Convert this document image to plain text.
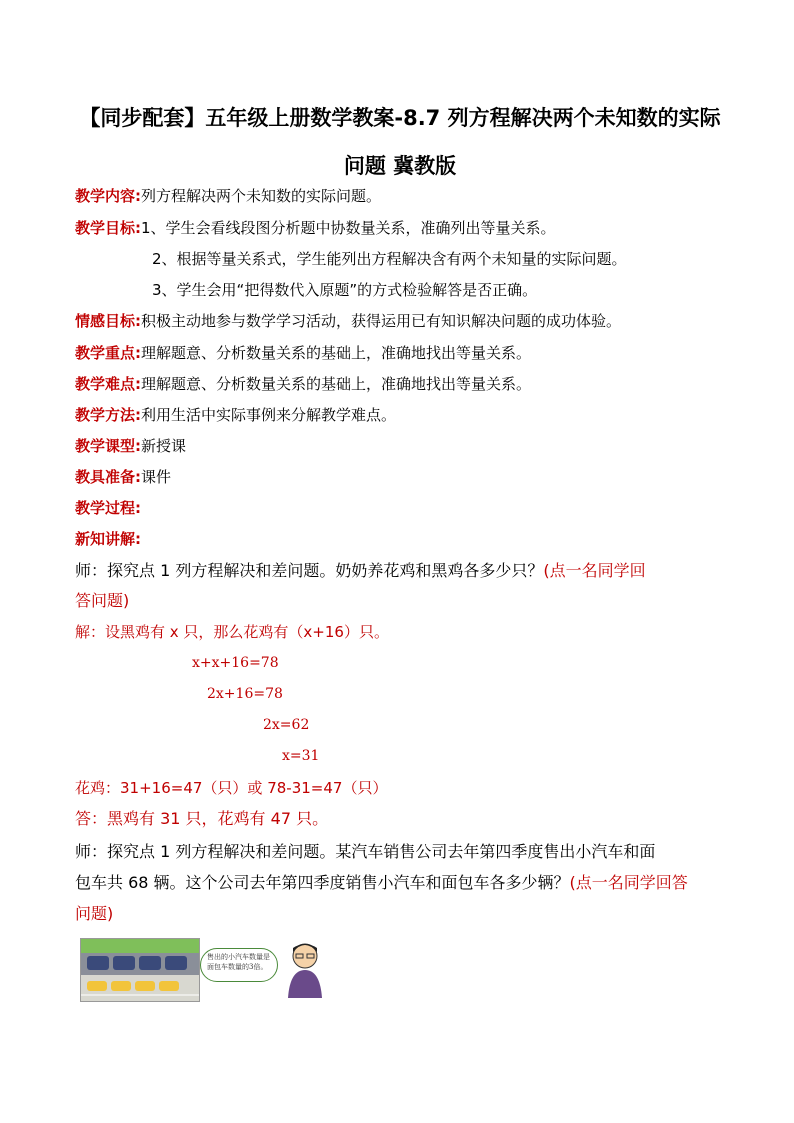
【同步配套】五年级上册数学教案-8.7 列方程解决两个未知数的实际
问题 冀教版
教学内容:列方程解决两个未知数的实际问题。
教学目标:1、学生会看线段图分析题中协数量关系，准确列出等量关系。
2、根据等量关系式，学生能列出方程解决含有两个未知量的实际问题。
3、学生会用“把得数代入原题”的方式检验解答是否正确。
情感目标:积极主动地参与数学学习活动，获得运用已有知识解决问题的成功体验。
教学重点:理解题意、分析数量关系的基础上，准确地找出等量关系。
教学难点:理解题意、分析数量关系的基础上，准确地找出等量关系。
教学方法:利用生活中实际事例来分解教学难点。
教学课型:新授课
教具准备:课件
教学过程:
新知讲解:
师：探究点 1 列方程解决和差问题。奶奶养花鸡和黑鸡各多少只？(点一名同学回
答问题)
解：设黑鸡有 x 只，那么花鸡有（x+16）只。
x+x+16=78
2x+16=78
2x=62
x=31
花鸡：31+16=47（只）或 78-31=47（只）
答：黑鸡有 31 只，花鸡有 47 只。
师：探究点 1 列方程解决和差问题。某汽车销售公司去年第四季度售出小汽车和面
包车共 68 辆。这个公司去年第四季度销售小汽车和面包车各多少辆？(点一名同学回答
问题)
售出的小汽车数量是面包车数量的3倍。
